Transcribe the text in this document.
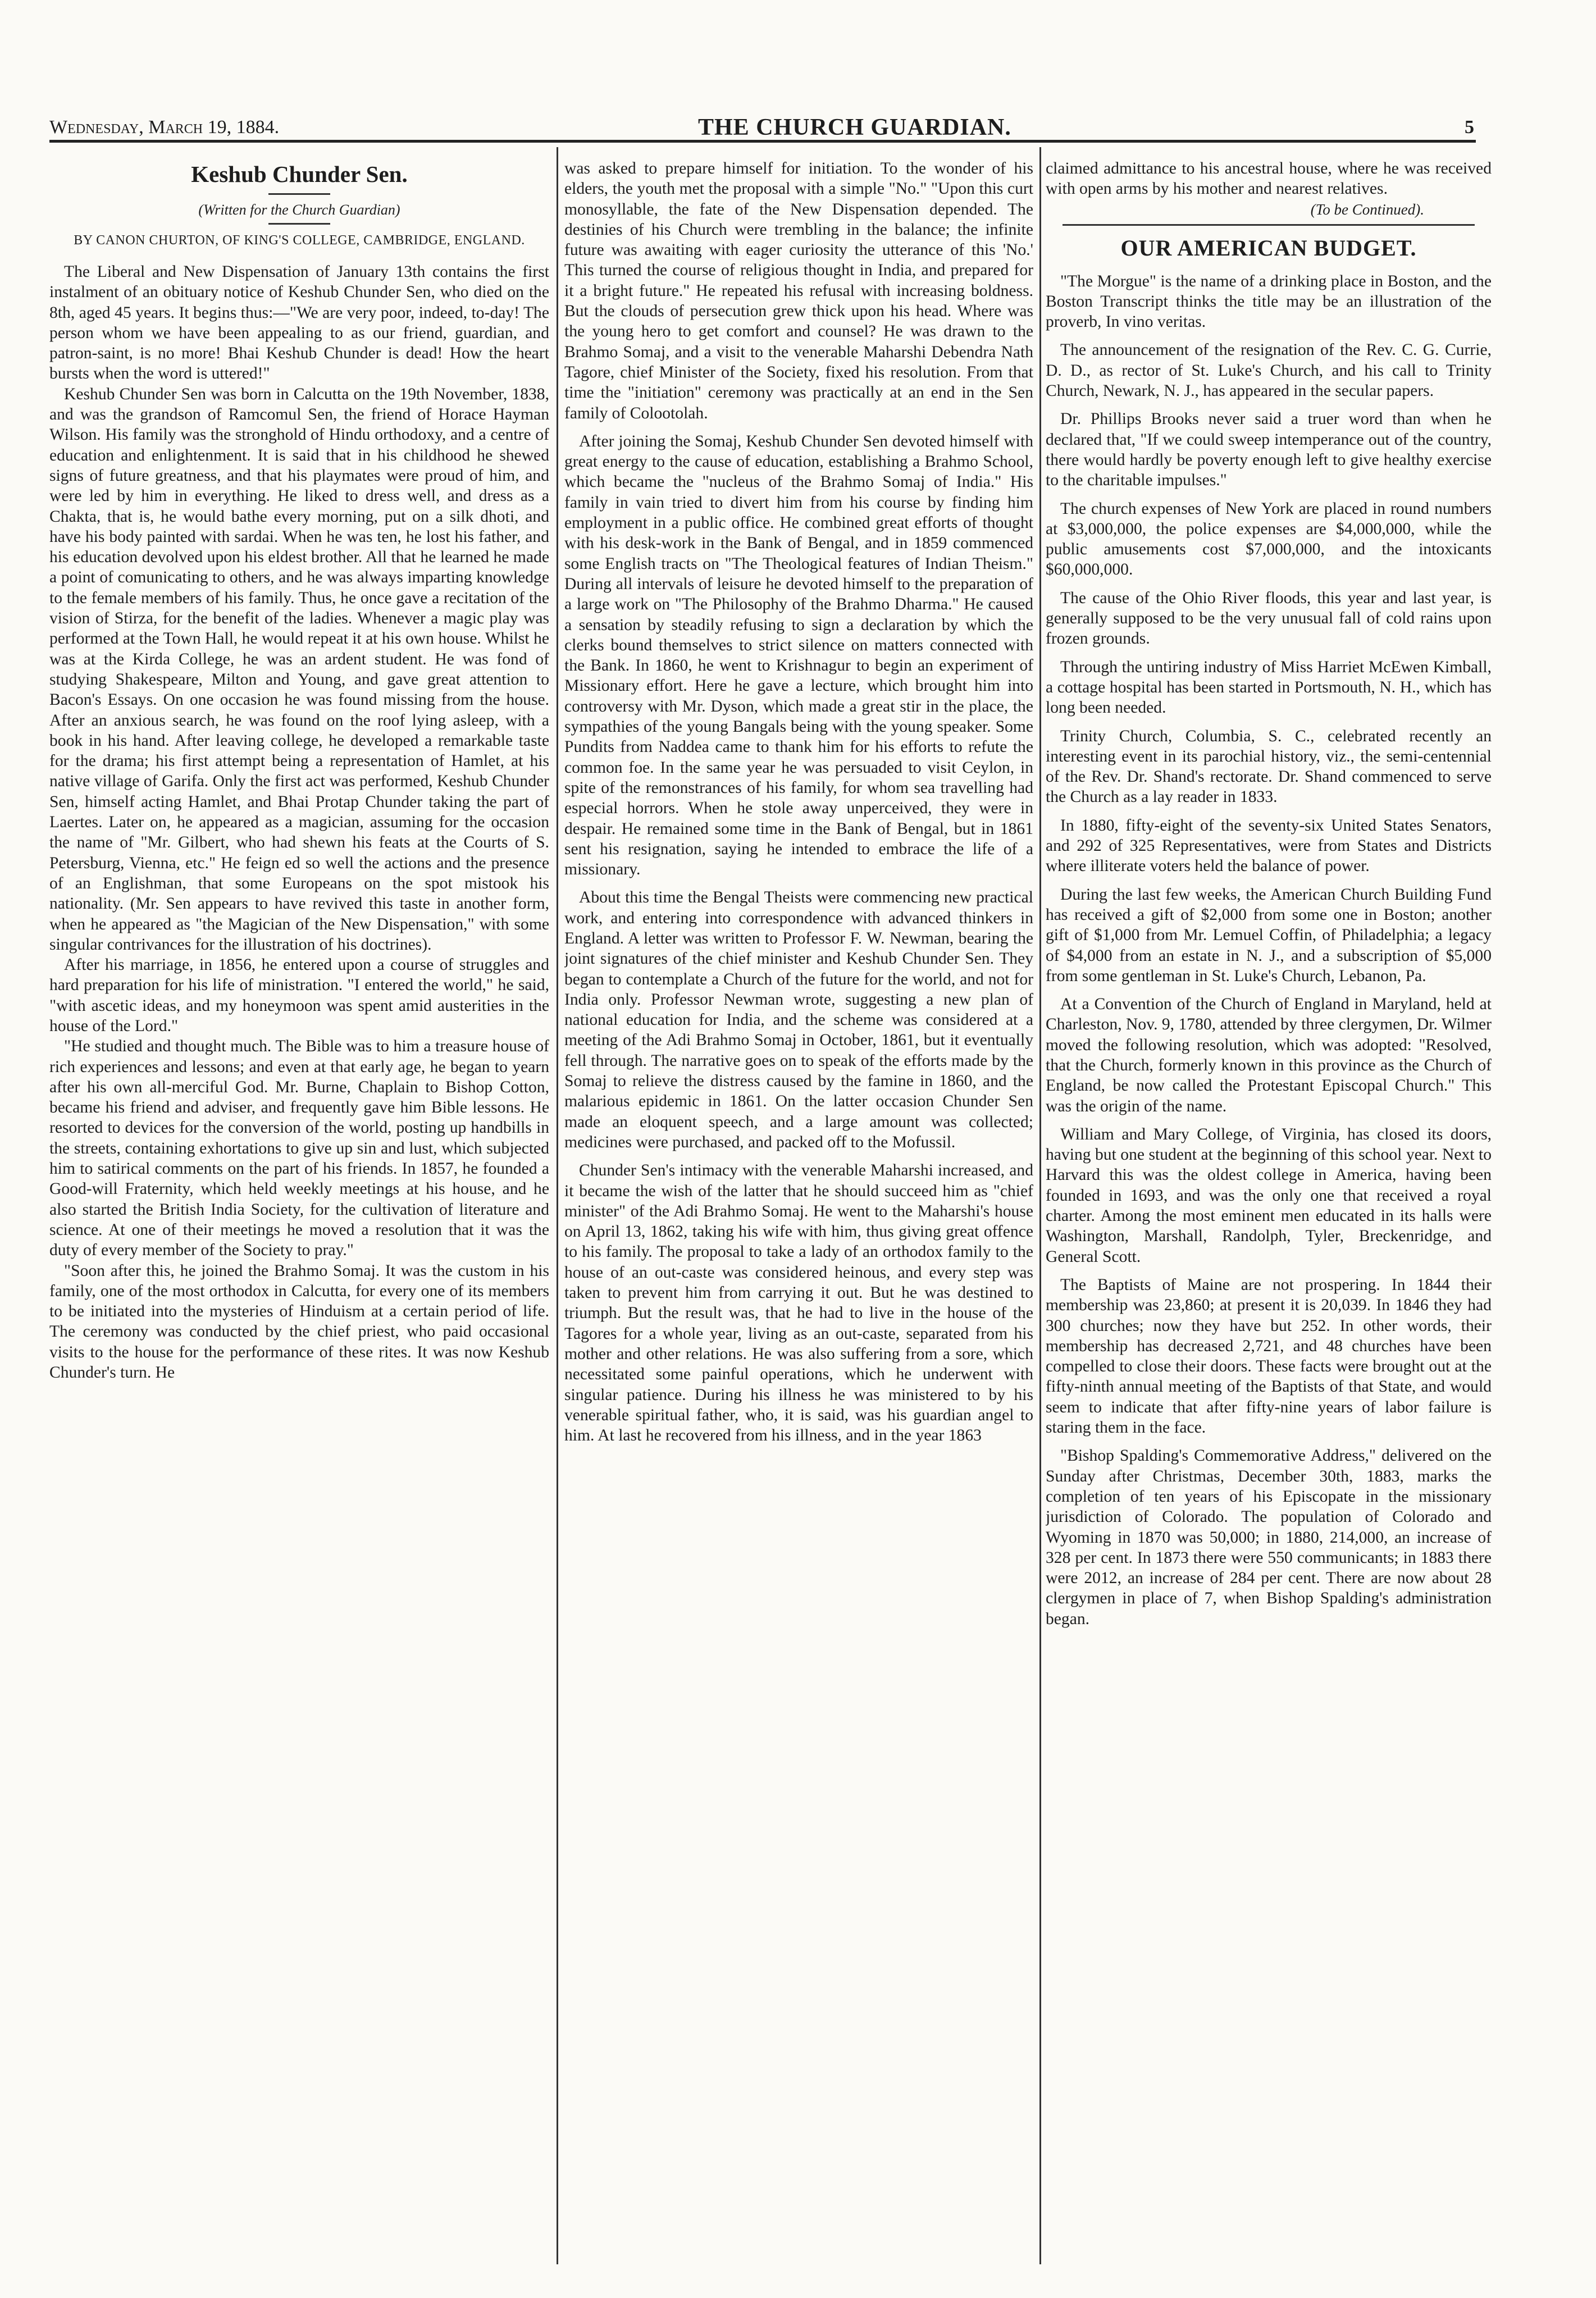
Wednesday, March 19, 1884.	THE CHURCH GUARDIAN.	5
Keshub Chunder Sen.
(Written for the Church Guardian)
BY CANON CHURTON, OF KING'S COLLEGE, CAMBRIDGE, ENGLAND.

The Liberal and New Dispensation of January 13th contains the first instalment of an obituary notice of Keshub Chunder Sen, who died on the 8th, aged 45 years. It begins thus:—"We are very poor, indeed, to-day! The person whom we have been appealing to as our friend, guardian, and patron-saint, is no more! Bhai Keshub Chunder is dead! How the heart bursts when the word is uttered!"

Keshub Chunder Sen was born in Calcutta on the 19th November, 1838, and was the grandson of Ramcomul Sen, the friend of Horace Hayman Wilson. His family was the stronghold of Hindu orthodoxy, and a centre of education and enlightenment. It is said that in his childhood he shewed signs of future greatness, and that his playmates were proud of him, and were led by him in everything. He liked to dress well, and dress as a Chakta, that is, he would bathe every morning, put on a silk dhoti, and have his body painted with sardai. When he was ten, he lost his father, and his education devolved upon his eldest brother. All that he learned he made a point of comunicating to others, and he was always imparting knowledge to the female members of his family. Thus, he once gave a recitation of the vision of Stirza, for the benefit of the ladies. Whenever a magic play was performed at the Town Hall, he would repeat it at his own house. Whilst he was at the Kirda College, he was an ardent student. He was fond of studying Shakespeare, Milton and Young, and gave great attention to Bacon's Essays. On one occasion he was found missing from the house. After an anxious search, he was found on the roof lying asleep, with a book in his hand. After leaving college, he developed a remarkable taste for the drama; his first attempt being a representation of Hamlet, at his native village of Garifa. Only the first act was performed, Keshub Chunder Sen, himself acting Hamlet, and Bhai Protap Chunder taking the part of Laertes. Later on, he appeared as a magician, assuming for the occasion the name of "Mr. Gilbert, who had shewn his feats at the Courts of S. Petersburg, Vienna, etc." He feign ed so well the actions and the presence of an Englishman, that some Europeans on the spot mistook his nationality. (Mr. Sen appears to have revived this taste in another form, when he appeared as "the Magician of the New Dispensation," with some singular contrivances for the illustration of his doctrines).

After his marriage, in 1856, he entered upon a course of struggles and hard preparation for his life of ministration. "I entered the world," he said, "with ascetic ideas, and my honeymoon was spent amid austerities in the house of the Lord."

"He studied and thought much. The Bible was to him a treasure house of rich experiences and lessons; and even at that early age, he began to yearn after his own all-merciful God. Mr. Burne, Chaplain to Bishop Cotton, became his friend and adviser, and frequently gave him Bible lessons. He resorted to devices for the conversion of the world, posting up handbills in the streets, containing exhortations to give up sin and lust, which subjected him to satirical comments on the part of his friends. In 1857, he founded a Good-will Fraternity, which held weekly meetings at his house, and he also started the British India Society, for the cultivation of literature and science. At one of their meetings he moved a resolution that it was the duty of every member of the Society to pray."

"Soon after this, he joined the Brahmo Somaj. It was the custom in his family, one of the most orthodox in Calcutta, for every one of its members to be initiated into the mysteries of Hinduism at a certain period of life. The ceremony was conducted by the chief priest, who paid occasional visits to the house for the performance of these rites. It was now Keshub Chunder's turn. He

was asked to prepare himself for initiation. To the wonder of his elders, the youth met the proposal with a simple "No." "Upon this curt monosyllable, the fate of the New Dispensation depended. The destinies of his Church were trembling in the balance; the infinite future was awaiting with eager curiosity the utterance of this 'No.' This turned the course of religious thought in India, and prepared for it a bright future." He repeated his refusal with increasing boldness. But the clouds of persecution grew thick upon his head. Where was the young hero to get comfort and counsel? He was drawn to the Brahmo Somaj, and a visit to the venerable Maharshi Debendra Nath Tagore, chief Minister of the Society, fixed his resolution. From that time the "initiation" ceremony was practically at an end in the Sen family of Colootolah.

After joining the Somaj, Keshub Chunder Sen devoted himself with great energy to the cause of education, establishing a Brahmo School, which became the "nucleus of the Brahmo Somaj of India." His family in vain tried to divert him from his course by finding him employment in a public office. He combined great efforts of thought with his desk-work in the Bank of Bengal, and in 1859 commenced some English tracts on "The Theological features of Indian Theism." During all intervals of leisure he devoted himself to the preparation of a large work on "The Philosophy of the Brahmo Dharma." He caused a sensation by steadily refusing to sign a declaration by which the clerks bound themselves to strict silence on matters connected with the Bank. In 1860, he went to Krishnagur to begin an experiment of Missionary effort. Here he gave a lecture, which brought him into controversy with Mr. Dyson, which made a great stir in the place, the sympathies of the young Bangals being with the young speaker. Some Pundits from Naddea came to thank him for his efforts to refute the common foe. In the same year he was persuaded to visit Ceylon, in spite of the remonstrances of his family, for whom sea travelling had especial horrors. When he stole away unperceived, they were in despair. He remained some time in the Bank of Bengal, but in 1861 sent his resignation, saying he intended to embrace the life of a missionary.

About this time the Bengal Theists were commencing new practical work, and entering into correspondence with advanced thinkers in England. A letter was written to Professor F. W. Newman, bearing the joint signatures of the chief minister and Keshub Chunder Sen. They began to contemplate a Church of the future for the world, and not for India only. Professor Newman wrote, suggesting a new plan of national education for India, and the scheme was considered at a meeting of the Adi Brahmo Somaj in October, 1861, but it eventually fell through. The narrative goes on to speak of the efforts made by the Somaj to relieve the distress caused by the famine in 1860, and the malarious epidemic in 1861. On the latter occasion Chunder Sen made an eloquent speech, and a large amount was collected; medicines were purchased, and packed off to the Mofussil.

Chunder Sen's intimacy with the venerable Maharshi increased, and it became the wish of the latter that he should succeed him as "chief minister" of the Adi Brahmo Somaj. He went to the Maharshi's house on April 13, 1862, taking his wife with him, thus giving great offence to his family. The proposal to take a lady of an orthodox family to the house of an out-caste was considered heinous, and every step was taken to prevent him from carrying it out. But he was destined to triumph. But the result was, that he had to live in the house of the Tagores for a whole year, living as an out-caste, separated from his mother and other relations. He was also suffering from a sore, which necessitated some painful operations, which he underwent with singular patience. During his illness he was ministered to by his venerable spiritual father, who, it is said, was his guardian angel to him. At last he recovered from his illness, and in the year 1863

claimed admittance to his ancestral house, where he was received with open arms by his mother and nearest relatives.

(To be Continued).
OUR AMERICAN BUDGET.

"The Morgue" is the name of a drinking place in Boston, and the Boston Transcript thinks the title may be an illustration of the proverb, In vino veritas.

The announcement of the resignation of the Rev. C. G. Currie, D. D., as rector of St. Luke's Church, and his call to Trinity Church, Newark, N. J., has appeared in the secular papers.

Dr. Phillips Brooks never said a truer word than when he declared that, "If we could sweep intemperance out of the country, there would hardly be poverty enough left to give healthy exercise to the charitable impulses."

The church expenses of New York are placed in round numbers at $3,000,000, the police expenses are $4,000,000, while the public amusements cost $7,000,000, and the intoxicants $60,000,000.

The cause of the Ohio River floods, this year and last year, is generally supposed to be the very unusual fall of cold rains upon frozen grounds.

Through the untiring industry of Miss Harriet McEwen Kimball, a cottage hospital has been started in Portsmouth, N. H., which has long been needed.

Trinity Church, Columbia, S. C., celebrated recently an interesting event in its parochial history, viz., the semi-centennial of the Rev. Dr. Shand's rectorate. Dr. Shand commenced to serve the Church as a lay reader in 1833.

In 1880, fifty-eight of the seventy-six United States Senators, and 292 of 325 Representatives, were from States and Districts where illiterate voters held the balance of power.

During the last few weeks, the American Church Building Fund has received a gift of $2,000 from some one in Boston; another gift of $1,000 from Mr. Lemuel Coffin, of Philadelphia; a legacy of $4,000 from an estate in N. J., and a subscription of $5,000 from some gentleman in St. Luke's Church, Lebanon, Pa.

At a Convention of the Church of England in Maryland, held at Charleston, Nov. 9, 1780, attended by three clergymen, Dr. Wilmer moved the following resolution, which was adopted: "Resolved, that the Church, formerly known in this province as the Church of England, be now called the Protestant Episcopal Church." This was the origin of the name.

William and Mary College, of Virginia, has closed its doors, having but one student at the beginning of this school year. Next to Harvard this was the oldest college in America, having been founded in 1693, and was the only one that received a royal charter. Among the most eminent men educated in its halls were Washington, Marshall, Randolph, Tyler, Breckenridge, and General Scott.

The Baptists of Maine are not prospering. In 1844 their membership was 23,860; at present it is 20,039. In 1846 they had 300 churches; now they have but 252. In other words, their membership has decreased 2,721, and 48 churches have been compelled to close their doors. These facts were brought out at the fifty-ninth annual meeting of the Baptists of that State, and would seem to indicate that after fifty-nine years of labor failure is staring them in the face.

"Bishop Spalding's Commemorative Address," delivered on the Sunday after Christmas, December 30th, 1883, marks the completion of ten years of his Episcopate in the missionary jurisdiction of Colorado. The population of Colorado and Wyoming in 1870 was 50,000; in 1880, 214,000, an increase of 328 per cent. In 1873 there were 550 communicants; in 1883 there were 2012, an increase of 284 per cent. There are now about 28 clergymen in place of 7, when Bishop Spalding's administration began.
